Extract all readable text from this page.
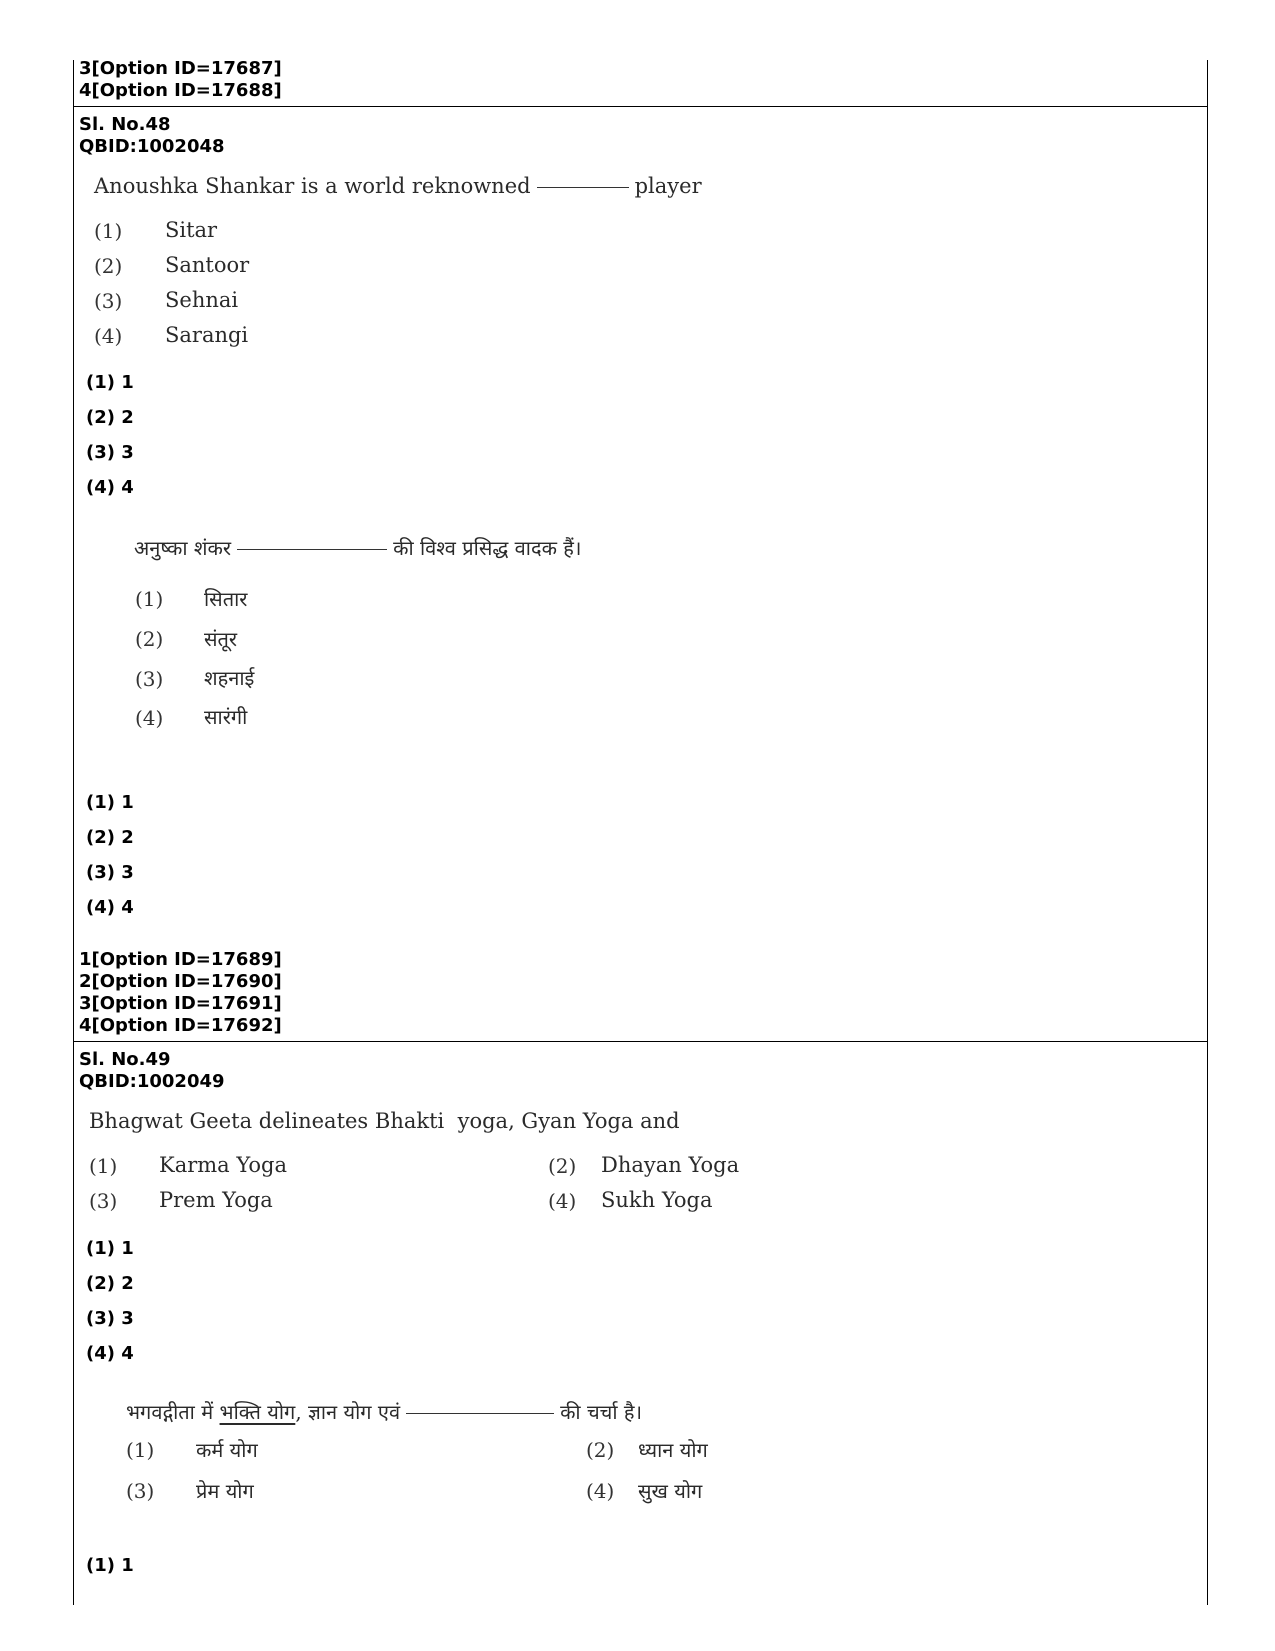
3[Option ID=17687]
4[Option ID=17688]
Sl. No.48
QBID:1002048
Anoushka Shankar is a world reknowned	player
(1) Sitar
(2) Santoor
(3) Sehnai
(4) Sarangi
(1) 1
(2) 2
(3) 3
(4) 4
अनुष्का शंकर	की विश्व प्रसिद्ध वादक हैं।
(1) सितार
(2) संतूर
(3) शहनाई
(4) सारंगी
(1) 1
(2) 2
(3) 3
(4) 4
1[Option ID=17689]
2[Option ID=17690]
3[Option ID=17691]
4[Option ID=17692]
Sl. No.49
QBID:1002049
Bhagwat Geeta delineates Bhakti  yoga, Gyan Yoga and
(1) Karma Yoga	(2) Dhayan Yoga
(3) Prem Yoga	(4) Sukh Yoga
(1) 1
(2) 2
(3) 3
(4) 4
भगवद्गीता में भक्ति योग, ज्ञान योग एवं	की चर्चा है।
(1) कर्म योग	(2) ध्यान योग
(3) प्रेम योग	(4) सुख योग
(1) 1
